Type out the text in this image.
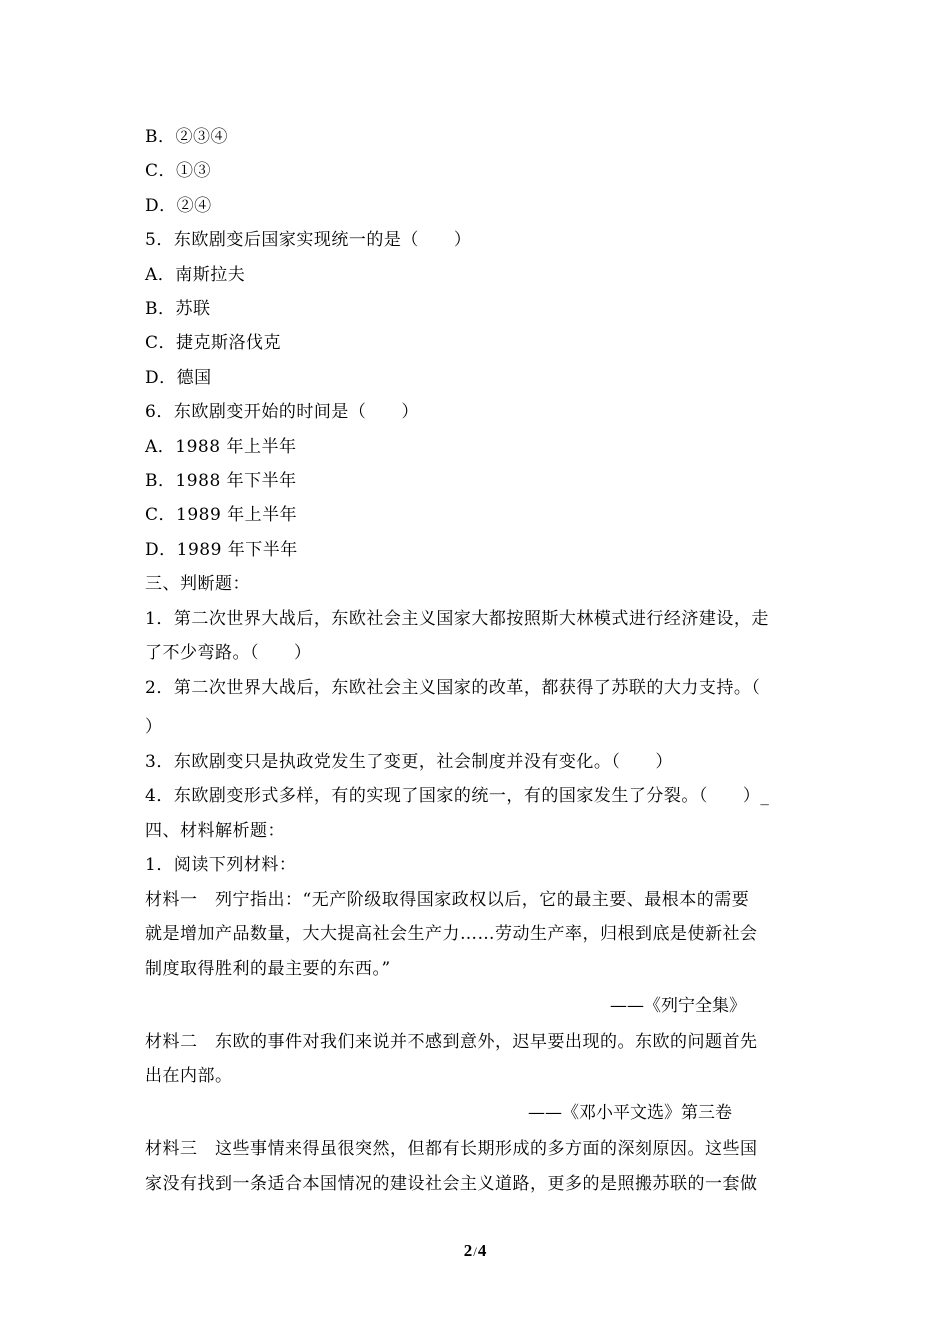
B．②③④
C．①③
D．②④
5．东欧剧变后国家实现统一的是（　　）
A．南斯拉夫
B．苏联
C．捷克斯洛伐克
D．德国
6．东欧剧变开始的时间是（　　）
A．1988 年上半年
B．1988 年下半年
C．1989 年上半年
D．1989 年下半年
三、判断题：
1．第二次世界大战后，东欧社会主义国家大都按照斯大林模式进行经济建设，走
了不少弯路。（　　）
2．第二次世界大战后，东欧社会主义国家的改革，都获得了苏联的大力支持。（
）
3．东欧剧变只是执政党发生了变更，社会制度并没有变化。（　　）
4．东欧剧变形式多样，有的实现了国家的统一，有的国家发生了分裂。（　　）_
四、材料解析题：
1．阅读下列材料：
材料一　列宁指出：“无产阶级取得国家政权以后，它的最主要、最根本的需要
就是增加产品数量，大大提高社会生产力……劳动生产率，归根到底是使新社会
制度取得胜利的最主要的东西。”
——《列宁全集》
材料二　东欧的事件对我们来说并不感到意外，迟早要出现的。东欧的问题首先
出在内部。
——《邓小平文选》第三卷
材料三　这些事情来得虽很突然，但都有长期形成的多方面的深刻原因。这些国
家没有找到一条适合本国情况的建设社会主义道路，更多的是照搬苏联的一套做
2/4
